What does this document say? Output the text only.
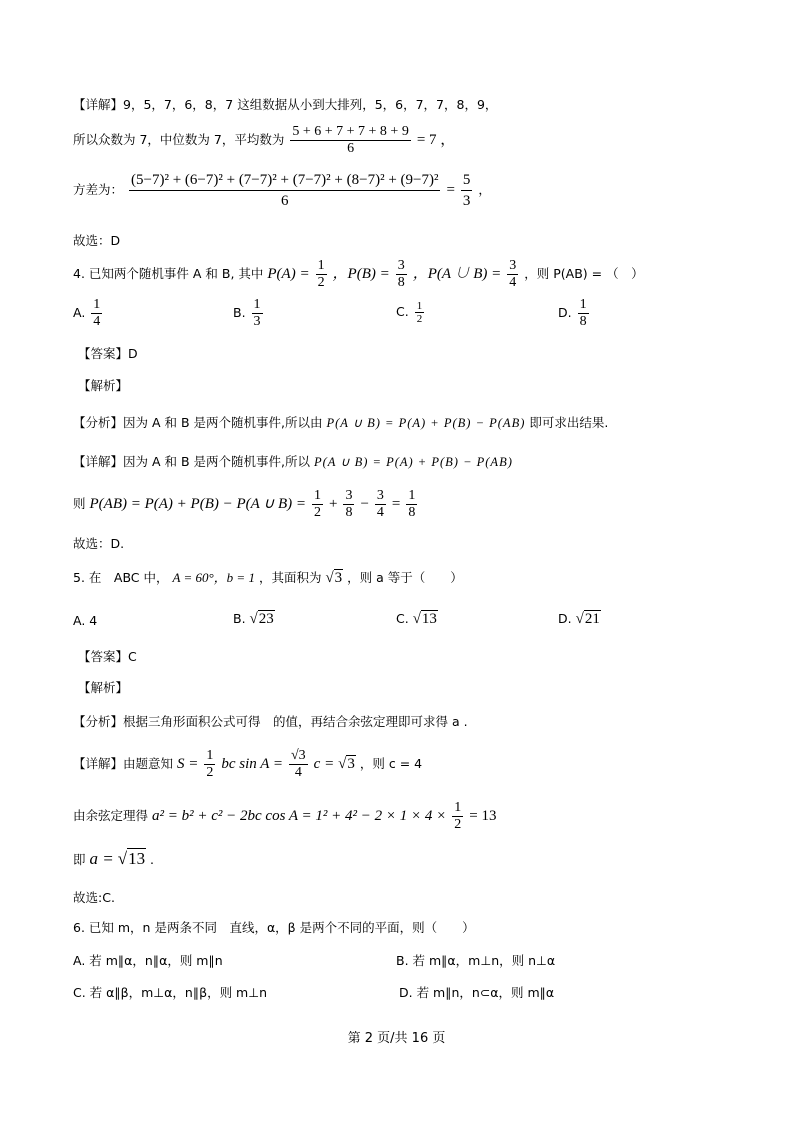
【详解】9，5，7，6，8，7 这组数据从小到大排列，5，6，7，7，8，9，
所以众数为 7，中位数为 7，平均数为 $\frac{5 + 6 + 7 + 7 + 8 + 9}{6} = 7$ ，
方差为： $\frac{\text{(5−7)² + (6−7)² + (7−7)² + (7−7)² + (8−7)² + (9−7)²}}{6} = \frac{5}{3}$ ，
故选：D
4. 已知两个随机事件 A 和 B, 其中 $P(A) = \frac{1}{2}$ ，$P(B) = \frac{3}{8}$ ，P(A ∪ $B) = \frac{3}{4}$ ，则 P(AB) = （　）
A. $\frac{1}{4}$	B. $\frac{1}{3}$	C. $\frac{1}{2}$	D. $\frac{1}{8}$
【答案】D
【解析】
【分析】因为 A 和 B 是两个随机事件,所以由 P(A ∪ B) = P(A) + P(B) − P(AB) 即可求出结果.
【详解】因为 A 和 B 是两个随机事件,所以 P(A ∪ B) = P(A) + P(B) − P(AB)
则 P(AB) = P(A) + P(B) − P(A ∪ $B) = \frac{1}{2} + \frac{3}{8} - \frac{3}{4} = \frac{1}{8}$
故选：D.
5. 在　ABC 中， A = 60°，b = 1 ，其面积为 √3 ，则 a 等于（　　）
A. 4	B. √23	C. √13	D. √21
【答案】C
【解析】
【分析】根据三角形面积公式可得　的值，再结合余弦定理即可求得 a .
【详解】由题意知 $S = \frac{1}{2}$ bc $\sin A = \frac{√3}{4}$ c = √3 ，则 c = 4
由余弦定理得 a² = b² + c² − 2bc $\cos A = 1^2 + 4^2 - 2 \times 1 \times 4 \times \frac{1}{2} = 13$
即 a = √13 .
故选:C.
6. 已知 m，n 是两条不同　直线，α，β 是两个不同的平面，则（　　）
A. 若 m∥α，n∥α，则 m∥n	B. 若 m∥α，m⊥n，则 n⊥α
C. 若 α∥β，m⊥α，n∥β，则 m⊥n	D. 若 m∥n，n⊂α，则 m∥α
第 2 页/共 16 页
